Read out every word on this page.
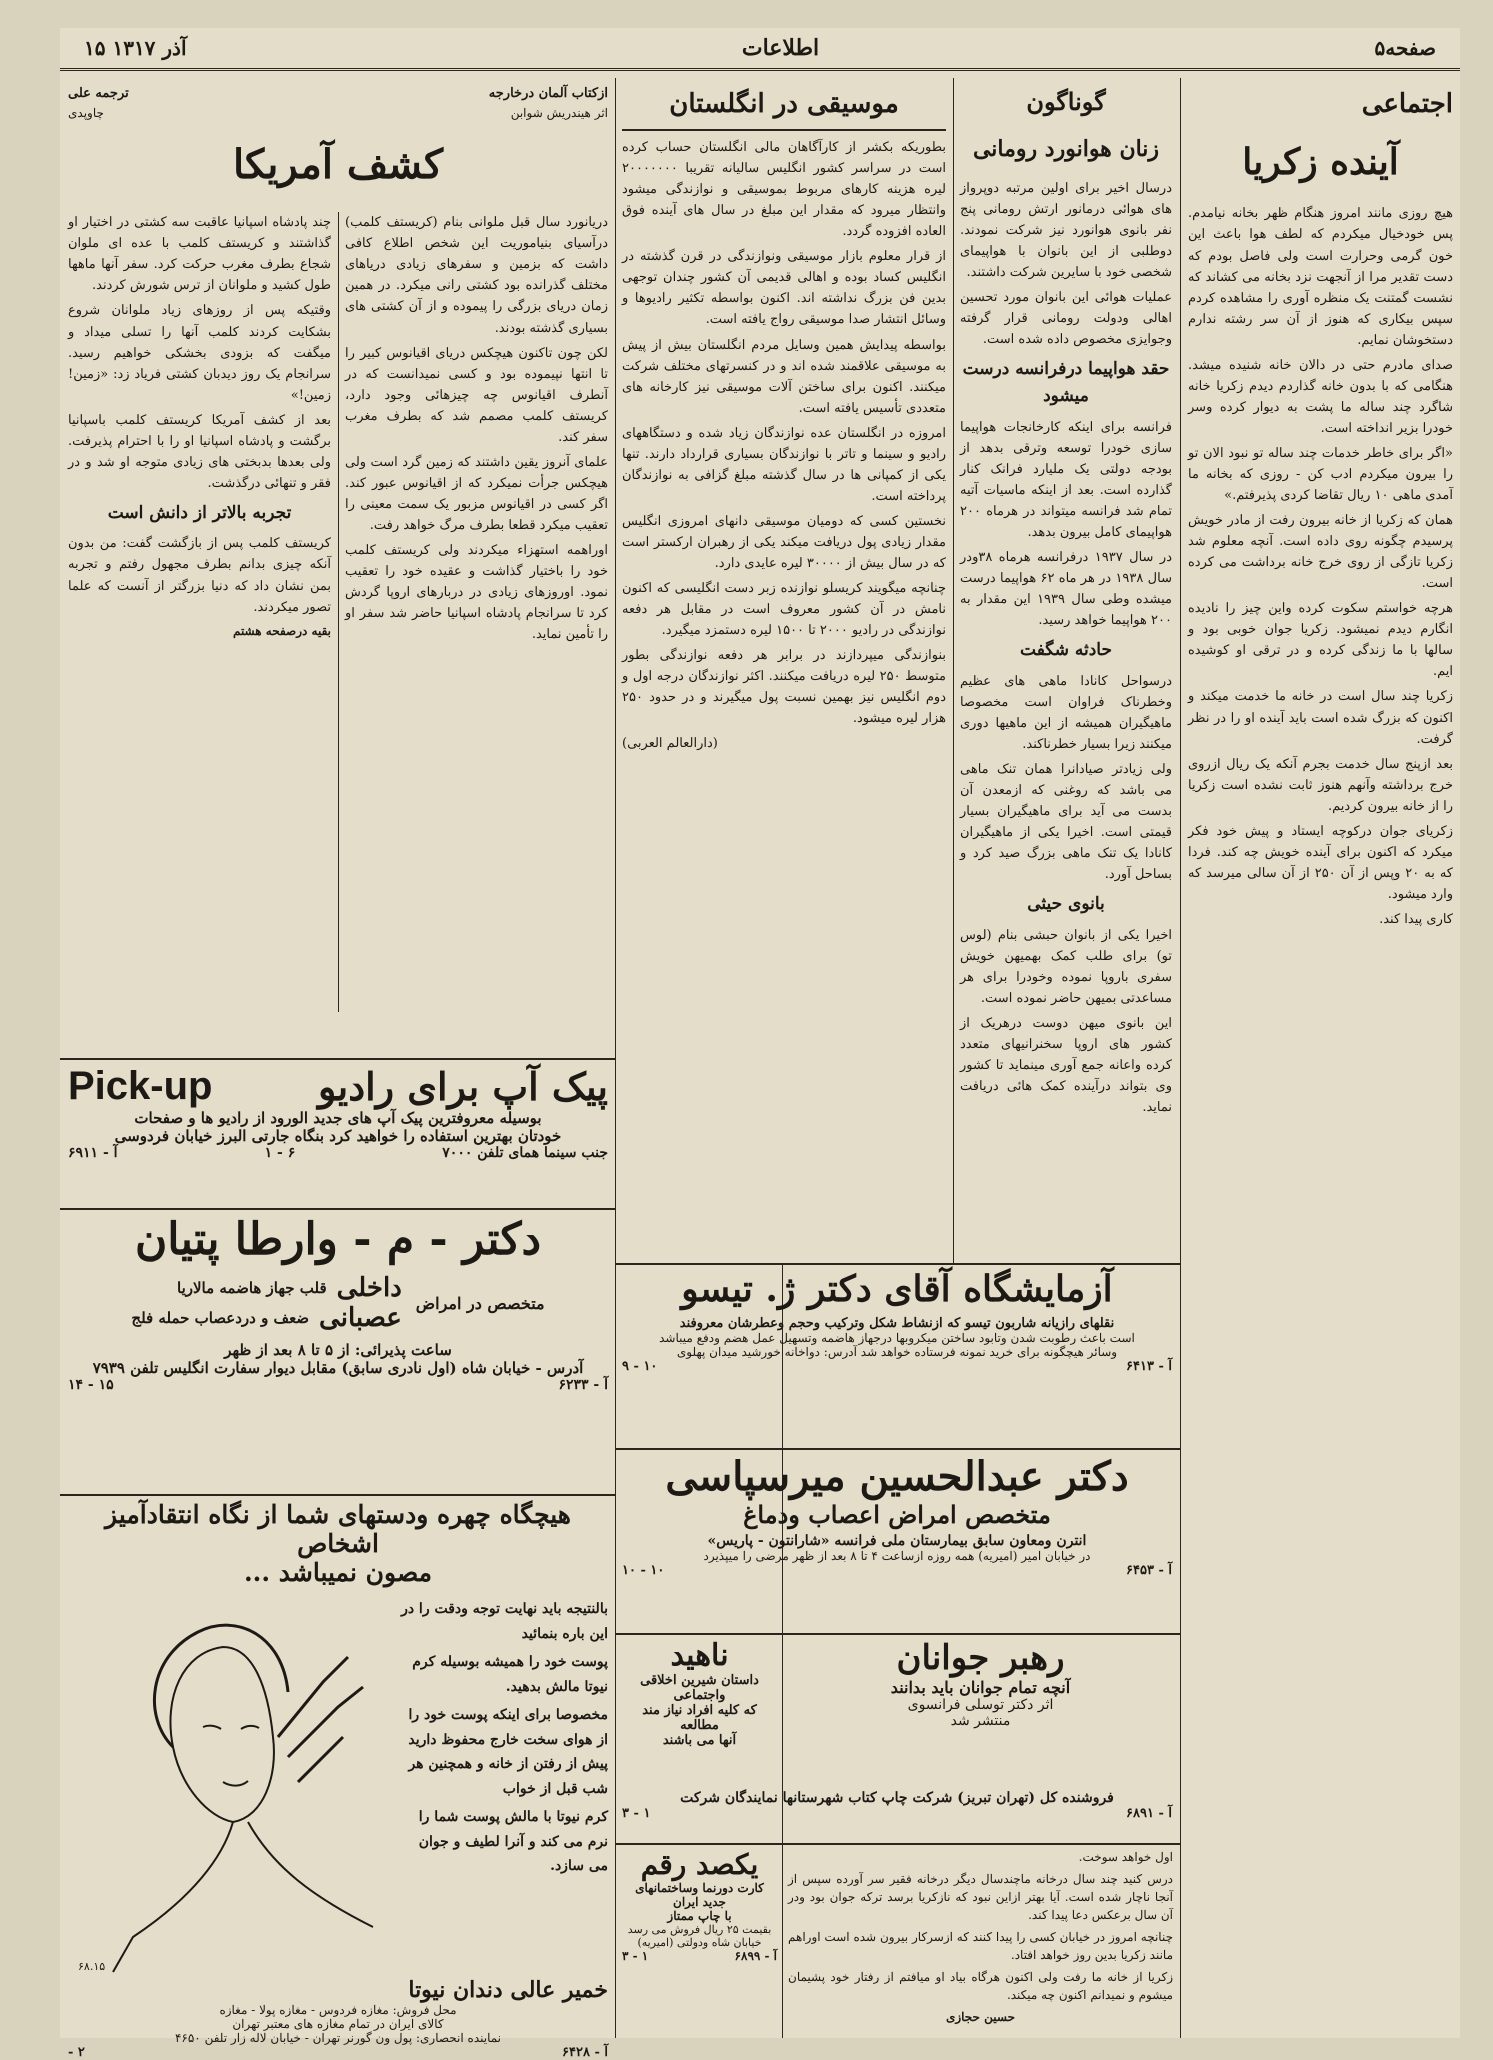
۱۵ آذر ۱۳۱۷	اطلاعات	صفحه۵
اجتماعی
آینده زکریا

هیچ روزی مانند امروز هنگام ظهر بخانه نیامدم. پس خودخیال میکردم که لطف هوا باعث این خون گرمی وحرارت است ولی فاصل بودم که دست تقدیر مرا از آنجهت نزد بخانه می کشاند که نشست گمتنت یک منظره آوری را مشاهده کردم سپس بیکاری که هنوز از آن سر رشته ندارم دستخوشان نمایم.

صدای مادرم حتی در دالان خانه شنیده میشد. هنگامی که با بدون خانه گذاردم دیدم زکریا خانه شاگرد چند ساله ما پشت به دیوار کرده وسر خودرا بزیر انداخته است.

«اگر برای خاطر خدمات چند ساله تو نبود الان تو را بیرون میکردم ادب کن - روزی که بخانه ما آمدی ماهی ۱۰ ریال تقاضا کردی پذیرفتم.»

همان که زکریا از خانه بیرون رفت از مادر خویش پرسیدم چگونه روی داده است. آنچه معلوم شد زکریا تازگی از روی خرج خانه برداشت می کرده است.

هرچه خواستم سکوت کرده واین چیز را نادیده انگارم دیدم نمیشود. زکریا جوان خوبی بود و سالها با ما زندگی کرده و در ترقی او کوشیده ایم.

زکریا چند سال است در خانه ما خدمت میکند و اکنون که بزرگ شده است باید آینده او را در نظر گرفت.

بعد ازپنج سال خدمت بجرم آنکه یک ریال ازروی خرج برداشته وآنهم هنوز ثابت نشده است زکریا را از خانه بیرون کردیم.

زکریای جوان درکوچه ایستاد و پیش خود فکر میکرد که اکنون برای آینده خویش چه کند. فردا که به ۲۰ وپس از آن ۲۵۰ از آن سالی میرسد که وارد میشود.

کاری پیدا کند.

گوناگون
زنان هوانورد رومانی

درسال اخیر برای اولین مرتبه دوپرواز های هوائی درمانور ارتش رومانی پنج نفر بانوی هوانورد نیز شرکت نمودند. دوطلبی از این بانوان با هواپیمای شخصی خود با سایرین شرکت داشتند.

عملیات هوائی این بانوان مورد تحسین اهالی ودولت رومانی قرار گرفته وجوایزی مخصوص داده شده است.

حقد هواپیما درفرانسه درست میشود

فرانسه برای اینکه کارخانجات هواپیما سازی خودرا توسعه وترقی بدهد از بودجه دولتی یک ملیارد فرانک کنار گذارده است. بعد از اینکه ماسیات آتیه تمام شد فرانسه میتواند در هرماه ۲۰۰ هواپیمای کامل بیرون بدهد.

در سال ۱۹۳۷ درفرانسه هرماه ۳۸ودر سال ۱۹۳۸ در هر ماه ۶۲ هواپیما درست میشده وطی سال ۱۹۳۹ این مقدار به ۲۰۰ هواپیما خواهد رسید.

حادثه شگفت

درسواحل کانادا ماهی های عظیم وخطرناک فراوان است مخصوصا ماهیگیران همیشه از این ماهیها دوری میکنند زیرا بسیار خطرناکند.

ولی زیادتر صیادانرا همان تنک ماهی می باشد که روغنی که ازمعدن آن بدست می آید برای ماهیگیران بسیار قیمتی است. اخیرا یکی از ماهیگیران کانادا یک تنک ماهی بزرگ صید کرد و بساحل آورد.

بانوی حیثی

اخیرا یکی از بانوان حبشی بنام (لوس تو) برای طلب کمک بهمیهن خویش سفری باروپا نموده وخودرا برای هر مساعدتی بمیهن حاضر نموده است.

این بانوی میهن دوست درهریک از کشور های اروپا سخنرانیهای متعدد کرده واعانه جمع آوری مینماید تا کشور وی بتواند درآینده کمک هائی دریافت نماید.

موسیقی در انگلستان

بطوریکه بکشر از کارآگاهان مالی انگلستان حساب کرده است در سراسر کشور انگلیس سالیانه تقریبا ۲۰۰۰۰۰۰۰ لیره هزینه کارهای مربوط بموسیقی و نوازندگی میشود وانتظار میرود که مقدار این مبلغ در سال های آینده فوق العاده افزوده گردد.

از قرار معلوم بازار موسیقی ونوازندگی در قرن گذشته در انگلیس کساد بوده و اهالی قدیمی آن کشور چندان توجهی بدین فن بزرگ نداشته اند. اکنون بواسطه تکثیر رادیوها و وسائل انتشار صدا موسیقی رواج یافته است.

بواسطه پیدایش همین وسایل مردم انگلستان بیش از پیش به موسیقی علاقمند شده اند و در کنسرتهای مختلف شرکت میکنند. اکنون برای ساختن آلات موسیقی نیز کارخانه های متعددی تأسیس یافته است.

امروزه در انگلستان عده نوازندگان زیاد شده و دستگاههای رادیو و سینما و تاتر با نوازندگان بسیاری قرارداد دارند. تنها یکی از کمپانی ها در سال گذشته مبلغ گزافی به نوازندگان پرداخته است.

نخستین کسی که دومیان موسیقی دانهای امروزی انگلیس مقدار زیادی پول دریافت میکند یکی از رهبران ارکستر است که در سال بیش از ۳۰۰۰۰ لیره عایدی دارد.

چنانچه میگویند کریسلو نوازنده زبر دست انگلیسی که اکنون نامش در آن کشور معروف است در مقابل هر دفعه نوازندگی در رادیو ۲۰۰۰ تا ۱۵۰۰ لیره دستمزد میگیرد.

بنوازندگی میپردازند در برابر هر دفعه نوازندگی بطور متوسط ۲۵۰ لیره دریافت میکنند. اکثر نوازندگان درجه اول و دوم انگلیس نیز بهمین نسبت پول میگیرند و در حدود ۲۵۰ هزار لیره میشود.

(دارالعالم العربی)

ازکتاب آلمان درخارجه
ترجمه علی
اثر هیندریش شوابن
چاوپدی
کشف آمریکا

دریانورد سال قبل ملوانی بنام (کریستف کلمب) درآسیای بنیاموریت این شخص اطلاع کافی داشت که بزمین و سفرهای زیادی دریاهای مختلف گذرانده بود کشتی رانی میکرد. در همین زمان دریای بزرگی را پیموده و از آن کشتی های بسیاری گذشته بودند.

لکن چون تاکنون هیچکس دریای اقیانوس کبیر را تا انتها نپیموده بود و کسی نمیدانست که در آنطرف اقیانوس چه چیزهائی وجود دارد، کریستف کلمب مصمم شد که بطرف مغرب سفر کند.

علمای آنروز یقین داشتند که زمین گرد است ولی هیچکس جرأت نمیکرد که از اقیانوس عبور کند. اگر کسی در اقیانوس مزبور یک سمت معینی را تعقیب میکرد قطعا بطرف مرگ خواهد رفت.

اوراهمه استهزاء میکردند ولی کریستف کلمب خود را باختیار گذاشت و عقیده خود را تعقیب نمود. اوروزهای زیادی در دربارهای اروپا گردش کرد تا سرانجام پادشاه اسپانیا حاضر شد سفر او را تأمین نماید.

چند پادشاه اسپانیا عاقبت سه کشتی در اختیار او گذاشتند و کریستف کلمب با عده ای ملوان شجاع بطرف مغرب حرکت کرد. سفر آنها ماهها طول کشید و ملوانان از ترس شورش کردند.

وقتیکه پس از روزهای زیاد ملوانان شروع بشکایت کردند کلمب آنها را تسلی میداد و میگفت که بزودی بخشکی خواهیم رسید. سرانجام یک روز دیدبان کشتی فریاد زد: «زمین! زمین!»

بعد از کشف آمریکا کریستف کلمب باسپانیا برگشت و پادشاه اسپانیا او را با احترام پذیرفت. ولی بعدها بدبختی های زیادی متوجه او شد و در فقر و تنهائی درگذشت.

تجربه بالاتر از دانش است

کریستف کلمب پس از بازگشت گفت: من بدون آنکه چیزی بدانم بطرف مجهول رفتم و تجربه بمن نشان داد که دنیا بزرگتر از آنست که علما تصور میکردند.

بقیه درصفحه هشتم

پیک آپ برای رادیو
Pick-up
بوسیله معروفترین پیک آپ های جدید الورود از رادیو ها و صفحات
خودتان بهترین استفاده را خواهید کرد بنگاه جارتی البرز خیابان فردوسی
جنب سینما همای تلفن ۷۰۰۰
۶ - ۱
آ - ۶۹۱۱
دکتر - م - وارطا پتیان
متخصص در امراض
داخلی
قلب جهاز هاضمه مالاریا
عصبانی
ضعف و دردعصاب حمله فلج
ساعت پذیرائی: از ۵ تا ۸ بعد از ظهر
آدرس - خیابان شاه (اول نادری سابق) مقابل دیوار سفارت انگلیس تلفن ۷۹۳۹
آ - ۶۲۳۳
۱۵ - ۱۴
آزمایشگاه آقای دکتر ژ. تیسو
نقلهای رازیانه شاربون تیسو که ازنشاط شکل وترکیب وحجم وعطرشان معروفند
است باعث رطوبت شدن وتابود ساختن میکروبها درجهاز هاضمه وتسهیل عمل هضم ودفع میباشد
وسائر هیچگونه برای خرید نمونه فرستاده خواهد شد آدرس: دواخانه خورشید میدان پهلوی
آ - ۶۴۱۳
۱۰ - ۹
دکتر عبدالحسین میرسپاسی
متخصص امراض اعصاب ودماغ
انترن ومعاون سابق بیمارستان ملی فرانسه «شارانتون - پاریس»
در خیابان امیر (امیریه) همه روزه ازساعت ۴ تا ۸ بعد از ظهر مرضی را میپذیرد
آ - ۶۴۵۳
۱۰ - ۱۰
هیچگاه چهره ودستهای شما از نگاه انتقادآمیز اشخاص
مصون نمیباشد ...

بالنتیجه باید نهایت توجه ودقت را در این باره بنمائید

پوست خود را همیشه بوسیله کرم نیوتا مالش بدهید.

مخصوصا برای اینکه پوست خود را از هوای سخت خارج محفوظ دارید پیش از رفتن از خانه و همچنین هر شب قبل از خواب

کرم نیوتا با مالش پوست شما را نرم می کند و آنرا لطیف و جوان می سازد.

۶۸.۱۵
خمیر عالی دندان نیوتا
محل فروش: مغازه فردوس - مغازه پولا - مغازه
کالای ایران در تمام مغازه های معتبر تهران
نماینده انحصاری: پول ون گورنر تهران - خیابان لاله زار تلفن ۴۶۵۰
آ - ۶۴۲۸
۲ -
رهبر جوانان
آنچه تمام جوانان باید بدانند
اثر دکتر توسلی فرانسوی
منتشر شد
ناهید
داستان شیرین اخلاقی واجتماعی
که کلیه افراد نیاز مند مطالعه
آنها می باشند
فروشنده کل (تهران تبریز) شرکت چاپ کتاب شهرستانها نمایندگان شرکت
آ - ۶۸۹۱
۱ - ۳
یکصد رقم
کارت دورنما وساختمانهای جدید ایران
با چاپ ممتاز
بقیمت ۲۵ ریال فروش می رسد
خیابان شاه ودولتی (امیریه)
آ - ۶۸۹۹
۱ - ۳

اول خواهد سوخت.

درس کنید چند سال درخانه ماچندسال دیگر درخانه فقیر سر آورده سپس از آنجا ناچار شده است. آیا بهتر ازاین نبود که نازکریا برسد ترکه جوان بود ودر آن سال برعکس دعا پیدا کند.

چنانچه امروز در خیابان کسی را پیدا کنند که ازسرکار بیرون شده است اوراهم مانند زکریا بدین روز خواهد افتاد.

زکریا از خانه ما رفت ولی اکنون هرگاه بیاد او میافتم از رفتار خود پشیمان میشوم و نمیدانم اکنون چه میکند.

حسین حجازی
